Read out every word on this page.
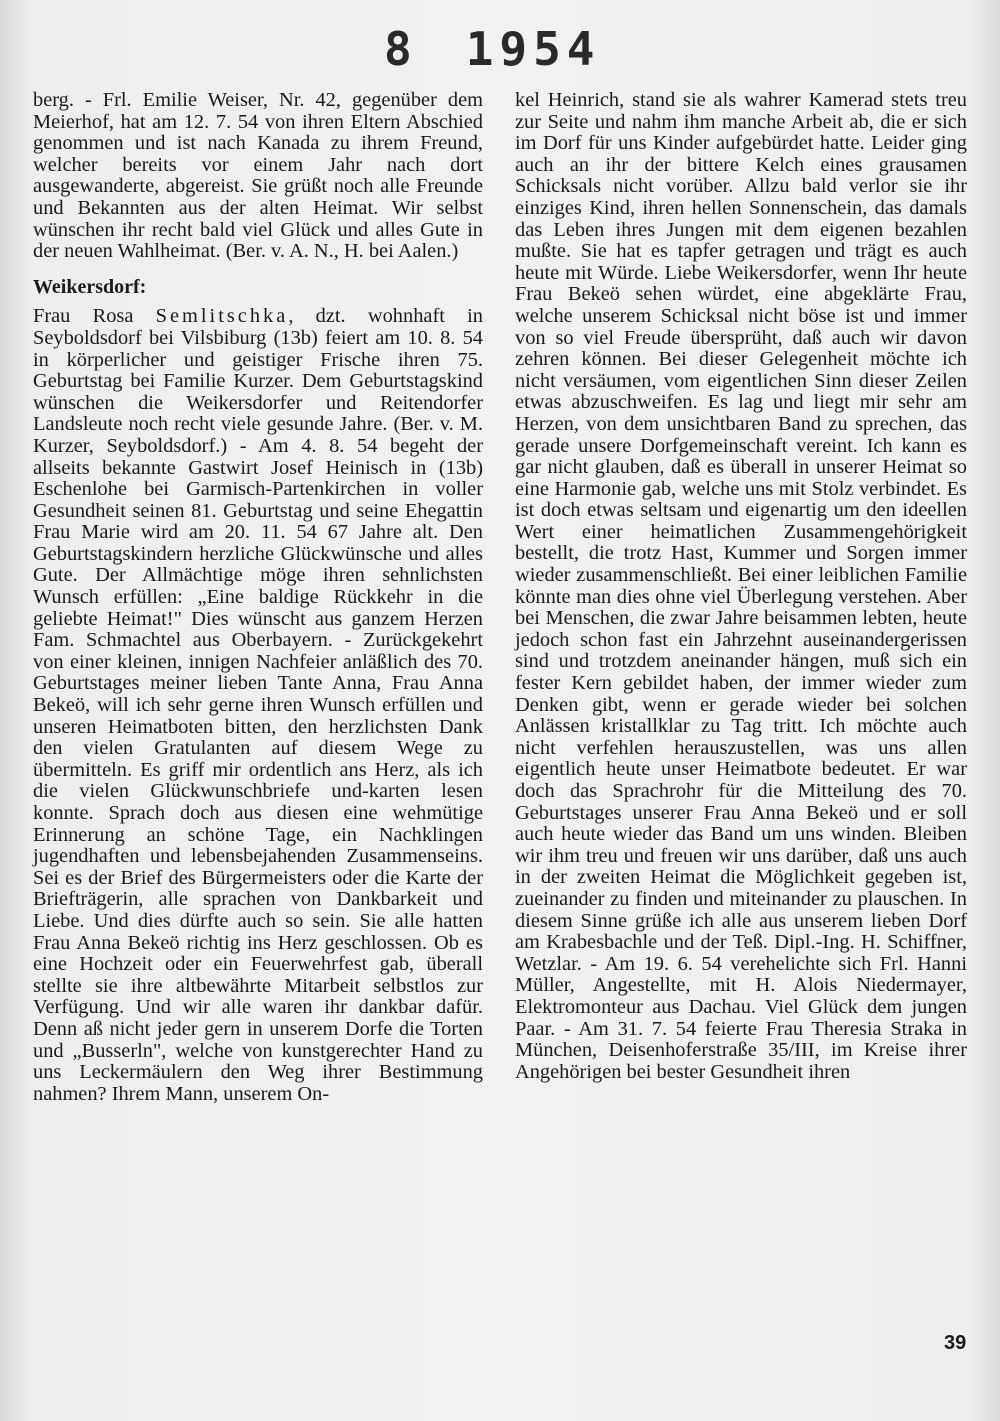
8 1954

berg. - Frl. Emilie Weiser, Nr. 42, gegenüber dem Meierhof, hat am 12. 7. 54 von ihren Eltern Abschied genommen und ist nach Kanada zu ihrem Freund, welcher bereits vor einem Jahr nach dort ausgewanderte, abgereist. Sie grüßt noch alle Freunde und Bekannten aus der alten Heimat. Wir selbst wünschen ihr recht bald viel Glück und alles Gute in der neuen Wahlheimat. (Ber. v. A. N., H. bei Aalen.)

Weikersdorf:

Frau Rosa Semlitschka, dzt. wohnhaft in Seyboldsdorf bei Vilsbiburg (13b) feiert am 10. 8. 54 in körperlicher und geistiger Frische ihren 75. Geburtstag bei Familie Kurzer. Dem Geburtstagskind wünschen die Weikersdorfer und Reitendorfer Landsleute noch recht viele gesunde Jahre. (Ber. v. M. Kurzer, Seyboldsdorf.) - Am 4. 8. 54 begeht der allseits bekannte Gastwirt Josef Heinisch in (13b) Eschenlohe bei Garmisch-Partenkirchen in voller Gesundheit seinen 81. Geburtstag und seine Ehegattin Frau Marie wird am 20. 11. 54 67 Jahre alt. Den Geburtstagskindern herzliche Glückwünsche und alles Gute. Der Allmächtige möge ihren sehnlichsten Wunsch erfüllen: „Eine baldige Rückkehr in die geliebte Heimat!" Dies wünscht aus ganzem Herzen Fam. Schmachtel aus Oberbayern. - Zurückgekehrt von einer kleinen, innigen Nachfeier anläßlich des 70. Geburtstages meiner lieben Tante Anna, Frau Anna Bekeö, will ich sehr gerne ihren Wunsch erfüllen und unseren Heimatboten bitten, den herzlichsten Dank den vielen Gratulanten auf diesem Wege zu übermitteln. Es griff mir ordentlich ans Herz, als ich die vielen Glückwunschbriefe und-karten lesen konnte. Sprach doch aus diesen eine wehmütige Erinnerung an schöne Tage, ein Nachklingen jugendhaften und lebensbejahenden Zusammenseins. Sei es der Brief des Bürgermeisters oder die Karte der Briefträgerin, alle sprachen von Dankbarkeit und Liebe. Und dies dürfte auch so sein. Sie alle hatten Frau Anna Bekeö richtig ins Herz geschlossen. Ob es eine Hochzeit oder ein Feuerwehrfest gab, überall stellte sie ihre altbewährte Mitarbeit selbstlos zur Verfügung. Und wir alle waren ihr dankbar dafür. Denn aß nicht jeder gern in unserem Dorfe die Torten und „Busserln", welche von kunstgerechter Hand zu uns Leckermäulern den Weg ihrer Bestimmung nahmen? Ihrem Mann, unserem On-

kel Heinrich, stand sie als wahrer Kamerad stets treu zur Seite und nahm ihm manche Arbeit ab, die er sich im Dorf für uns Kinder aufgebürdet hatte. Leider ging auch an ihr der bittere Kelch eines grausamen Schicksals nicht vorüber. Allzu bald verlor sie ihr einziges Kind, ihren hellen Sonnenschein, das damals das Leben ihres Jungen mit dem eigenen bezahlen mußte. Sie hat es tapfer getragen und trägt es auch heute mit Würde. Liebe Weikersdorfer, wenn Ihr heute Frau Bekeö sehen würdet, eine abgeklärte Frau, welche unserem Schicksal nicht böse ist und immer von so viel Freude übersprüht, daß auch wir davon zehren können. Bei dieser Gelegenheit möchte ich nicht versäumen, vom eigentlichen Sinn dieser Zeilen etwas abzuschweifen. Es lag und liegt mir sehr am Herzen, von dem unsichtbaren Band zu sprechen, das gerade unsere Dorfgemeinschaft vereint. Ich kann es gar nicht glauben, daß es überall in unserer Heimat so eine Harmonie gab, welche uns mit Stolz verbindet. Es ist doch etwas seltsam und eigenartig um den ideellen Wert einer heimatlichen Zusammengehörigkeit bestellt, die trotz Hast, Kummer und Sorgen immer wieder zusammenschließt. Bei einer leiblichen Familie könnte man dies ohne viel Überlegung verstehen. Aber bei Menschen, die zwar Jahre beisammen lebten, heute jedoch schon fast ein Jahrzehnt auseinandergerissen sind und trotzdem aneinander hängen, muß sich ein fester Kern gebildet haben, der immer wieder zum Denken gibt, wenn er gerade wieder bei solchen Anlässen kristallklar zu Tag tritt. Ich möchte auch nicht verfehlen herauszustellen, was uns allen eigentlich heute unser Heimatbote bedeutet. Er war doch das Sprachrohr für die Mitteilung des 70. Geburtstages unserer Frau Anna Bekeö und er soll auch heute wieder das Band um uns winden. Bleiben wir ihm treu und freuen wir uns darüber, daß uns auch in der zweiten Heimat die Möglichkeit gegeben ist, zueinander zu finden und miteinander zu plauschen. In diesem Sinne grüße ich alle aus unserem lieben Dorf am Krabesbachle und der Teß. Dipl.-Ing. H. Schiffner, Wetzlar. - Am 19. 6. 54 verehelichte sich Frl. Hanni Müller, Angestellte, mit H. Alois Niedermayer, Elektromonteur aus Dachau. Viel Glück dem jungen Paar. - Am 31. 7. 54 feierte Frau Theresia Straka in München, Deisenhoferstraße 35/III, im Kreise ihrer Angehörigen bei bester Gesundheit ihren

39
